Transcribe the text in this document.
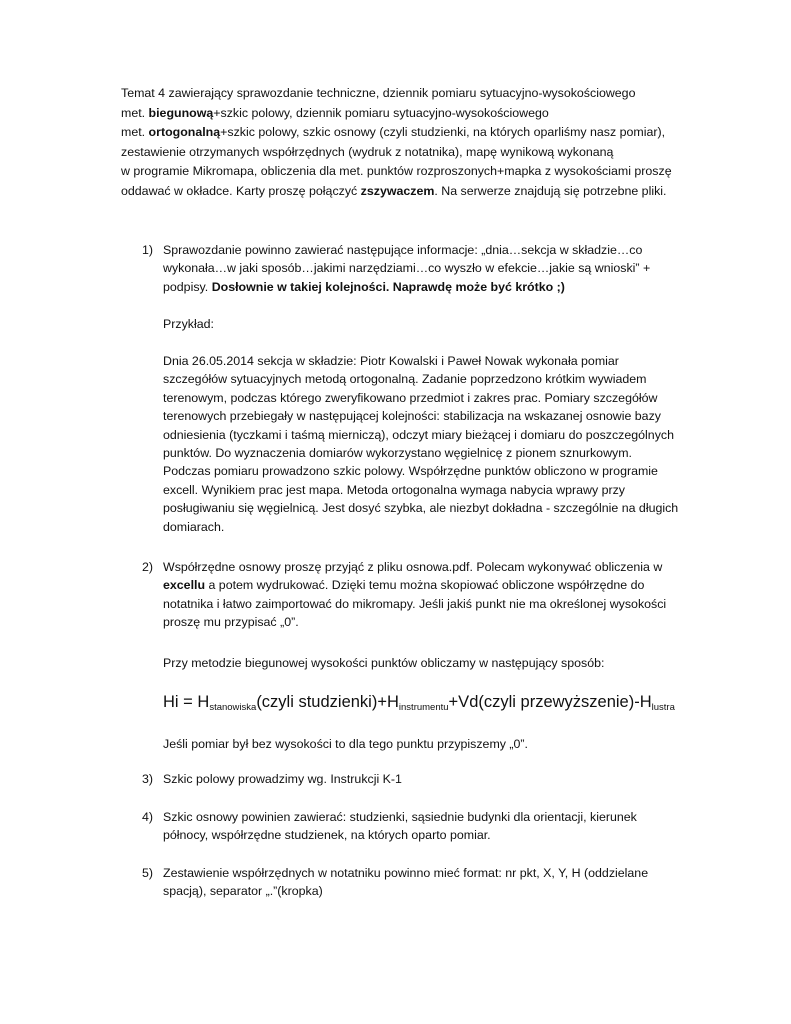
Temat 4 zawierający sprawozdanie techniczne, dziennik pomiaru sytuacyjno-wysokościowego
met. biegunową+szkic polowy, dziennik pomiaru sytuacyjno-wysokościowego
met. ortogonalną+szkic polowy, szkic osnowy (czyli studzienki, na których oparliśmy nasz pomiar),
zestawienie otrzymanych współrzędnych (wydruk z notatnika), mapę wynikową wykonaną
w programie Mikromapa, obliczenia dla met. punktów rozproszonych+mapka z wysokościami proszę
oddawać w okładce. Karty proszę połączyć zszywaczem. Na serwerze znajdują się potrzebne pliki.
1) Sprawozdanie powinno zawierać następujące informacje: „dnia…sekcja w składzie…co
wykonała…w jaki sposób…jakimi narzędziami…co wyszło w efekcie…jakie są wnioski” +
podpisy. Dosłownie w takiej kolejności. Naprawdę może być krótko ;)
Przykład:
Dnia 26.05.2014 sekcja w składzie: Piotr Kowalski i Paweł Nowak wykonała pomiar
szczegółów sytuacyjnych metodą ortogonalną. Zadanie poprzedzono krótkim wywiadem
terenowym, podczas którego zweryfikowano przedmiot i zakres prac. Pomiary szczegółów
terenowych przebiegały w następującej kolejności: stabilizacja na wskazanej osnowie bazy
odniesienia (tyczkami i taśmą mierniczą), odczyt miary bieżącej i domiaru do poszczególnych
punktów. Do wyznaczenia domiarów wykorzystano węgielnicę z pionem sznurkowym.
Podczas pomiaru prowadzono szkic polowy. Współrzędne punktów obliczono w programie
excell. Wynikiem prac jest mapa. Metoda ortogonalna wymaga nabycia wprawy przy
posługiwaniu się węgielnicą. Jest dosyć szybka, ale niezbyt dokładna - szczególnie na długich
domiarach.
2) Współrzędne osnowy proszę przyjąć z pliku osnowa.pdf. Polecam wykonywać obliczenia w
excellu a potem wydrukować. Dzięki temu można skopiować obliczone współrzędne do
notatnika i łatwo zaimportować do mikromapy. Jeśli jakiś punkt nie ma określonej wysokości
proszę mu przypisać „0”.
Przy metodzie biegunowej wysokości punktów obliczamy w następujący sposób:
$Hi = H_{stanowiska}(czyli$ $studzienki)+H_{instrumentu}+Vd(czyli$ $przewyższenie)-H_{lustra}$
Jeśli pomiar był bez wysokości to dla tego punktu przypiszemy „0”.
3) Szkic polowy prowadzimy wg. Instrukcji K-1
4) Szkic osnowy powinien zawierać: studzienki, sąsiednie budynki dla orientacji, kierunek
północy, współrzędne studzienek, na których oparto pomiar.
5) Zestawienie współrzędnych w notatniku powinno mieć format: nr pkt, X, Y, H (oddzielane
spacją), separator „.”(kropka)
